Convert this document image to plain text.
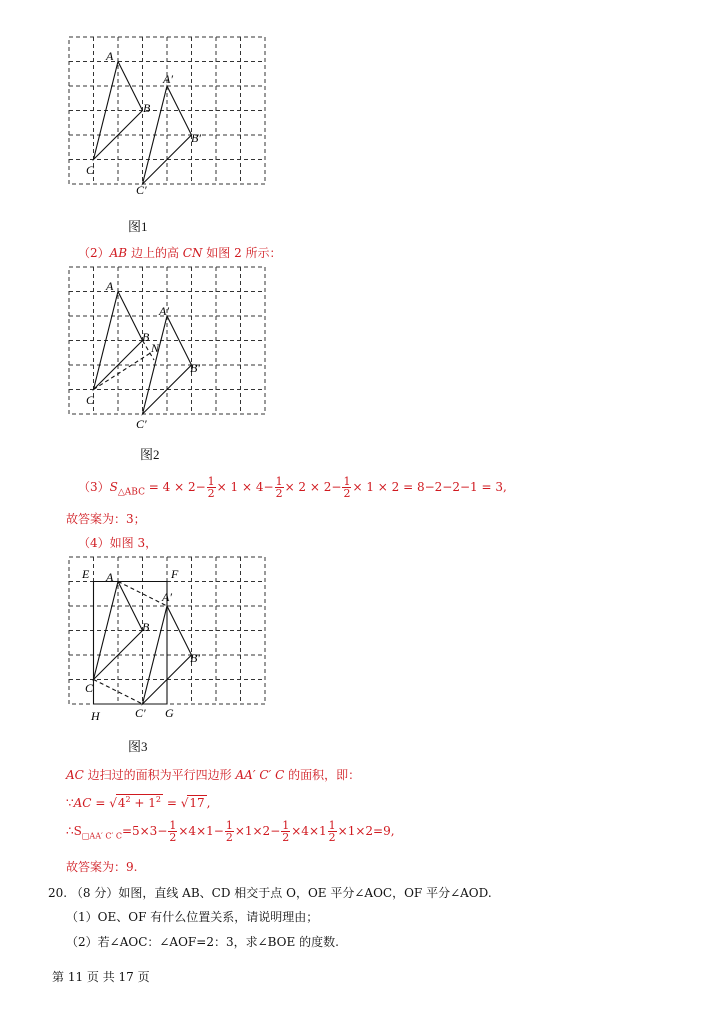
A
B
C
A′
B′
C′
图1
（2）AB 边上的高 CN 如图 2 所示：
A
B
N
C
A′
B′
C′
图2
$(3)S_{\triangle ABC} = 4 \times 2- \frac{1}{2} \times 1 \times 4- \frac{1}{2} \times 2 \times 2- \frac{1}{2} \times 1 \times 2 = 8-2-2-1 = 3$,
故答案为：3；
（4）如图 3，
E A	F
A′
B
B′
C
C′
H	G
图3
AC 边扫过的面积为平行四边形 AA′ C′ C 的面积，即：
∵AC = $√4^2 + 1^2 = √17$ ,
$\therefore S_{□AA' C' C}=5\times 3- \frac{1}{2} \times 4\times 1- \frac{1}{2} \times 1\times 2- \frac{1}{2} \times 4\times 1 \frac{1}{2} \times 1\times 2=9$,
故答案为：9.
20. （8 分）如图，直线 AB、CD 相交于点 O，OE 平分∠AOC，OF 平分∠AOD.
（1）OE、OF 有什么位置关系，请说明理由；
（2）若∠AOC：∠AOF=2：3，求∠BOE 的度数.
第 11 页 共 17 页
